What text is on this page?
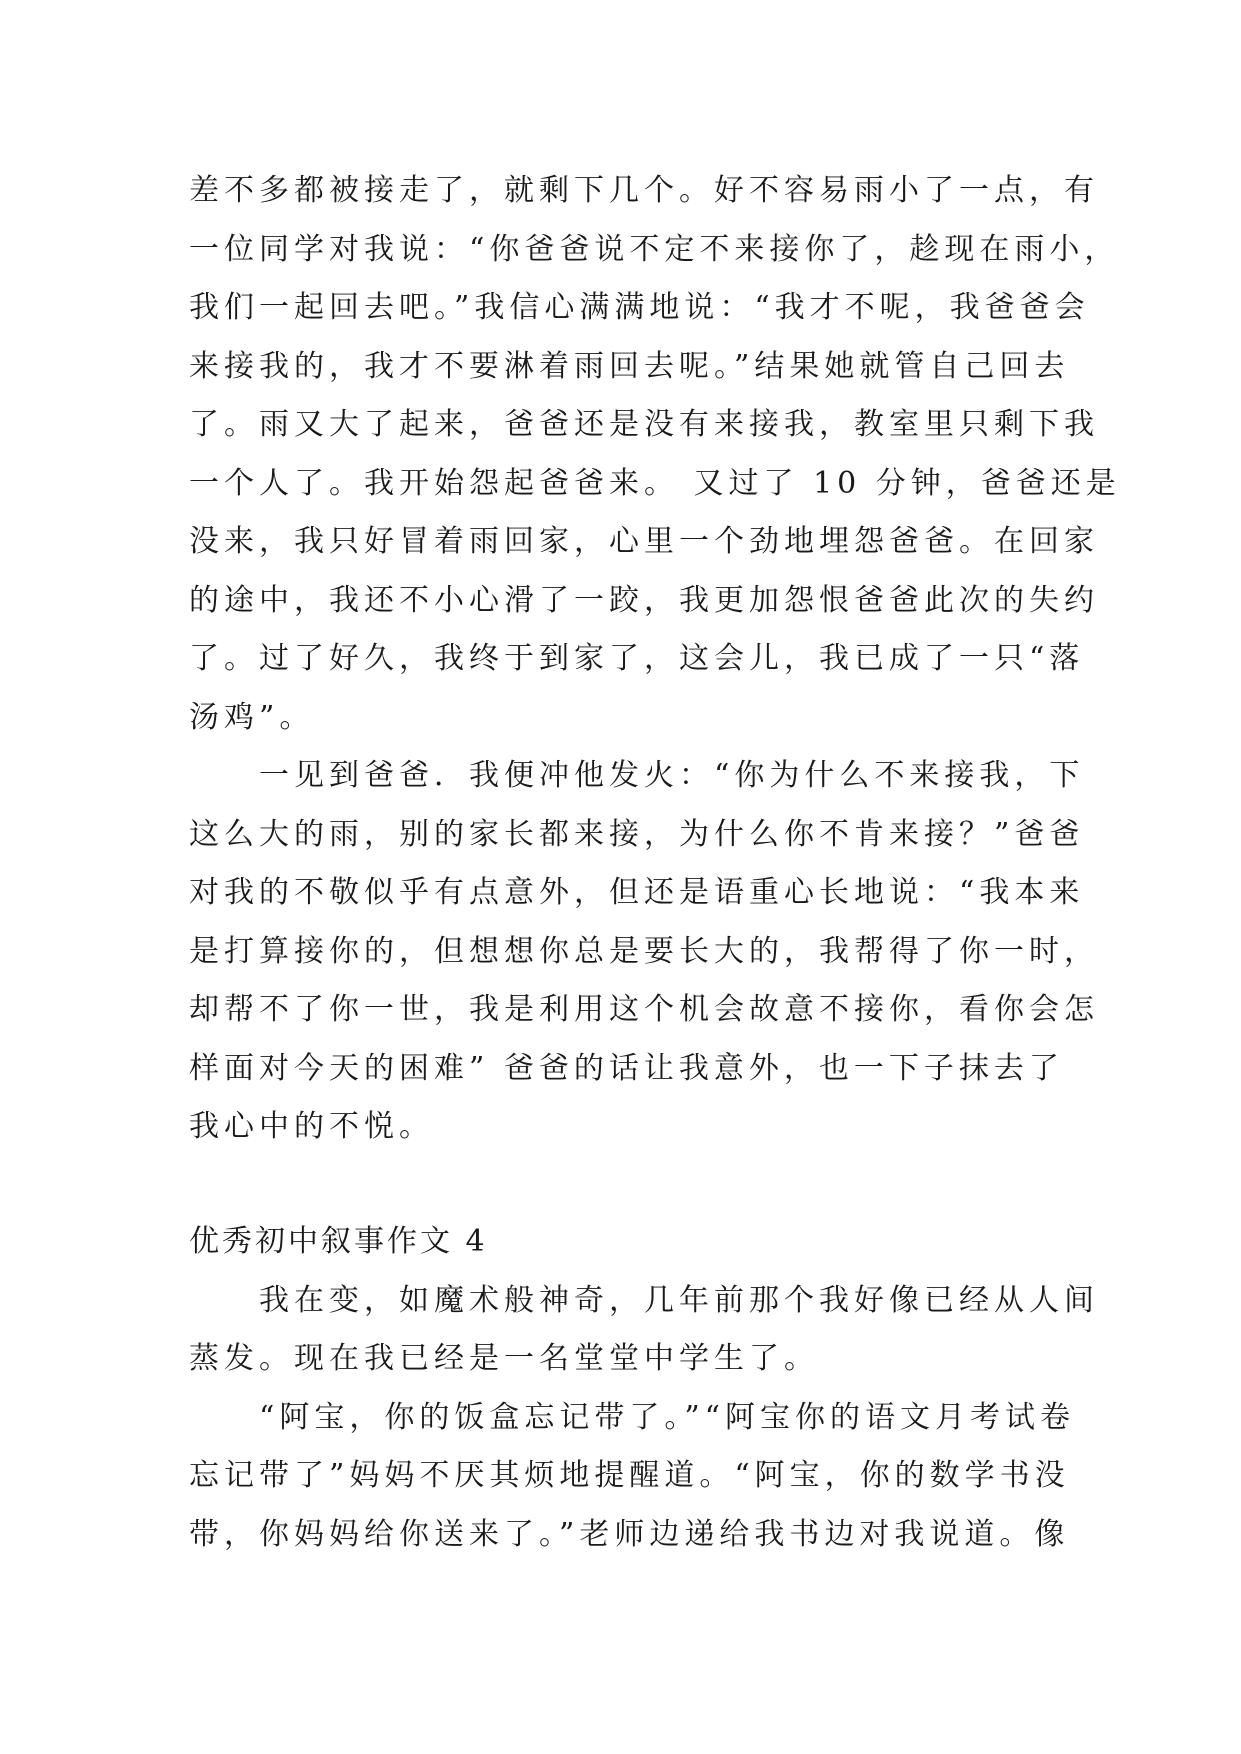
差不多都被接走了，就剩下几个。好不容易雨小了一点，有
一位同学对我说：“你爸爸说不定不来接你了，趁现在雨小，
我们一起回去吧。”我信心满满地说：“我才不呢，我爸爸会
来接我的，我才不要淋着雨回去呢。”结果她就管自己回去
了。雨又大了起来，爸爸还是没有来接我，教室里只剩下我
一个人了。我开始怨起爸爸来。 又过了 10 分钟，爸爸还是
没来，我只好冒着雨回家，心里一个劲地埋怨爸爸。在回家
的途中，我还不小心滑了一跤，我更加怨恨爸爸此次的失约
了。过了好久，我终于到家了，这会儿，我已成了一只“落
汤鸡”。
　　一见到爸爸．我便冲他发火：“你为什么不来接我，下
这么大的雨，别的家长都来接，为什么你不肯来接？”爸爸
对我的不敬似乎有点意外，但还是语重心长地说：“我本来
是打算接你的，但想想你总是要长大的，我帮得了你一时，
却帮不了你一世，我是利用这个机会故意不接你，看你会怎
样面对今天的困难” 爸爸的话让我意外，也一下子抹去了
我心中的不悦。
优秀初中叙事作文 4
　　我在变，如魔术般神奇，几年前那个我好像已经从人间
蒸发。现在我已经是一名堂堂中学生了。
　　“阿宝，你的饭盒忘记带了。”“阿宝你的语文月考试卷
忘记带了”妈妈不厌其烦地提醒道。“阿宝，你的数学书没
带，你妈妈给你送来了。”老师边递给我书边对我说道。像
